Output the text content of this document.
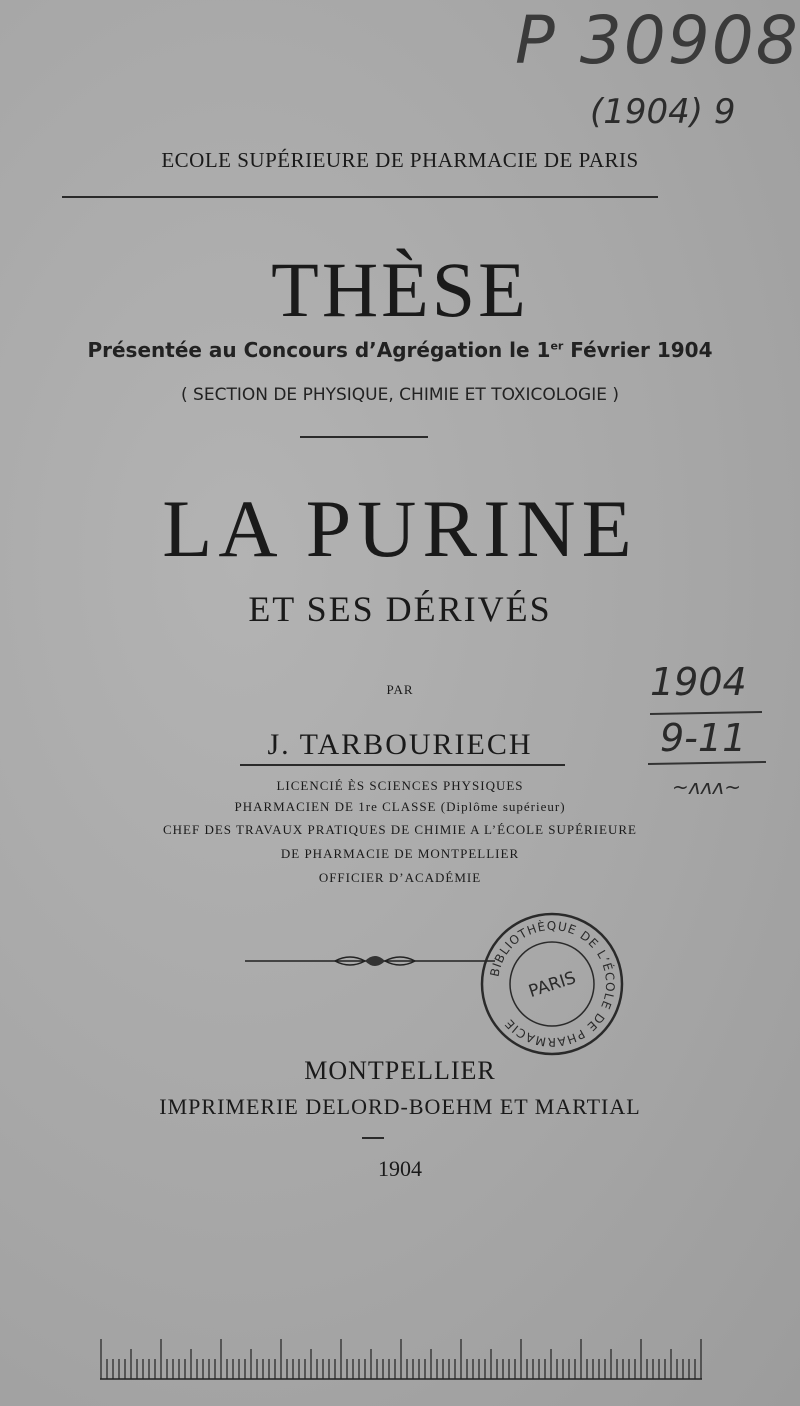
P 30908
(1904) 9
ECOLE SUPÉRIEURE DE PHARMACIE DE PARIS
THÈSE
Présentée au Concours d’Agrégation le 1er Février 1904
( SECTION DE PHYSIQUE, CHIMIE ET TOXICOLOGIE )
LA PURINE
ET SES DÉRIVÉS
PAR
J. TARBOURIECH
LICENCIÉ ÈS SCIENCES PHYSIQUES
PHARMACIEN DE 1re CLASSE (Diplôme supérieur)
CHEF DES TRAVAUX PRATIQUES DE CHIMIE A L’ÉCOLE SUPÉRIEURE
DE PHARMACIE DE MONTPELLIER
OFFICIER D’ACADÉMIE
1904
9-11
~ᴧᴧᴧ~
BIBLIOTHÈQUE DE L’ÉCOLE DE PHARMACIE
PARIS
MONTPELLIER
IMPRIMERIE DELORD-BOEHM ET MARTIAL
1904
